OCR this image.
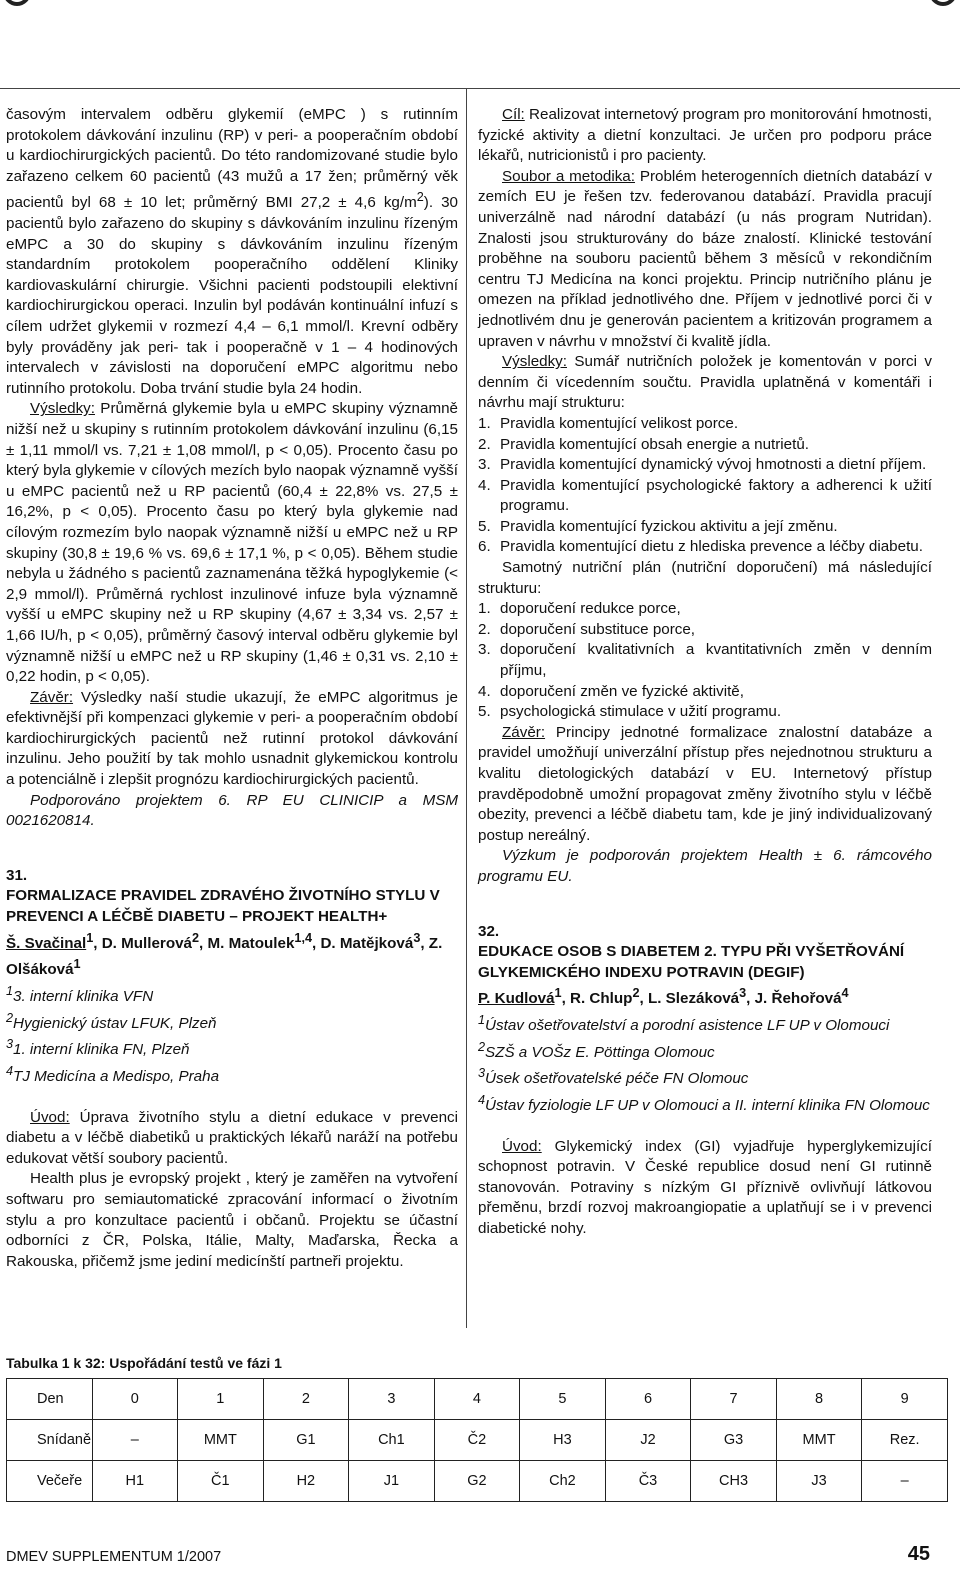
časovým intervalem odběru glykemií (eMPC ) s rutinním protokolem dávkování inzulinu (RP) v peri- a pooperačním období u kardiochirurgických pacientů. Do této randomizované studie bylo zařazeno celkem 60 pacientů (43 mužů a 17 žen; průměrný věk pacientů byl 68 ± 10 let; průměrný BMI 27,2 ± 4,6 $kg/m^2$). 30 pacientů bylo zařazeno do skupiny s dávkováním inzulinu řízeným eMPC a 30 do skupiny s dávkováním inzulinu řízeným standardním protokolem pooperačního oddělení Kliniky kardiovaskulární chirurgie. Všichni pacienti podstoupili elektivní kardiochirurgickou operaci. Inzulin byl podáván kontinuální infuzí s cílem udržet glykemii v rozmezí 4,4 – 6,1 mmol/l. Krevní odběry byly prováděny jak peri- tak i pooperačně v 1 – 4 hodinových intervalech v závislosti na doporučení eMPC algoritmu nebo rutinního protokolu. Doba trvání studie byla 24 hodin.

Výsledky: Průměrná glykemie byla u eMPC skupiny významně nižší než u skupiny s rutinním protokolem dávkování inzulinu (6,15 ± 1,11 mmol/l vs. 7,21 ± 1,08 mmol/l, p < 0,05). Procento času po který byla glykemie v cílových mezích bylo naopak významně vyšší u eMPC pacientů než u RP pacientů (60,4 ± 22,8% vs. 27,5 ± 16,2%, p < 0,05). Procento času po který byla glykemie nad cílovým rozmezím bylo naopak významně nižší u eMPC než u RP skupiny (30,8 ± 19,6 % vs. 69,6 ± 17,1 %, p < 0,05). Během studie nebyla u žádného s pacientů zaznamenána těžká hypoglykemie (< 2,9 mmol/l). Průměrná rychlost inzulinové infuze byla významně vyšší u eMPC skupiny než u RP skupiny (4,67 ± 3,34 vs. 2,57 ± 1,66 IU/h, p < 0,05), průměrný časový interval odběru glykemie byl významně nižší u eMPC než u RP skupiny (1,46 ± 0,31 vs. 2,10 ± 0,22 hodin, p < 0,05).

Závěr: Výsledky naší studie ukazují, že eMPC algoritmus je efektivnější při kompenzaci glykemie v peri- a pooperačním období kardiochirurgických pacientů než rutinní protokol dávkování inzulinu. Jeho použití by tak mohlo usnadnit glykemickou kontrolu a potenciálně i zlepšit prognózu kardiochirurgických pacientů.

Podporováno projektem 6. RP EU CLINICIP a MSM 0021620814.

31.

FORMALIZACE PRAVIDEL ZDRAVÉHO ŽIVOTNÍHO STYLU V PREVENCI A LÉČBĚ DIABETU – PROJEKT HEALTH+

Š. Svačinal$^1$, D. Mullerová$^2$, M. Matoulek$^{1,4}$, D. Matějková$^3$, Z. Olšáková$^1$

$^1$3. interní klinika VFN

$^2$Hygienický ústav LFUK, Plzeň

$^3$1. interní klinika FN, Plzeň

$^4$TJ Medicína a Medispo, Praha

Úvod: Úprava životního stylu a dietní edukace v prevenci diabetu a v léčbě diabetiků u praktických lékařů naráží na potřebu edukovat větší soubory pacientů.

Health plus je evropský projekt , který je zaměřen na vytvoření softwaru pro semiautomatické zpracování informací o životním stylu a pro konzultace pacientů i občanů. Projektu se účastní odborníci z ČR, Polska, Itálie, Malty, Maďarska, Řecka a Rakouska, přičemž jsme jediní medicínští partneři projektu.

Cíl: Realizovat internetový program pro monitorování hmotnosti, fyzické aktivity a dietní konzultaci. Je určen pro podporu práce lékařů, nutricionistů i pro pacienty.

Soubor a metodika: Problém heterogenních dietních databází v zemích EU je řešen tzv. federovanou databází. Pravidla pracují univerzálně nad národní databází (u nás program Nutridan). Znalosti jsou strukturovány do báze znalostí. Klinické testování proběhne na souboru pacientů během 3 měsíců v rekondičním centru TJ Medicína na konci projektu. Princip nutričního plánu je omezen na příklad jednotlivého dne. Příjem v jednotlivé porci či v jednotlivém dnu je generován pacientem a kritizován programem a upraven v návrhu v množství či kvalitě jídla.

Výsledky: Sumář nutričních položek je komentován v porci v denním či vícedenním součtu. Pravidla uplatněná v komentáři i návrhu mají strukturu:

1. Pravidla komentující velikost porce.
2. Pravidla komentující obsah energie a nutrietů.
3. Pravidla komentující dynamický vývoj hmotnosti a dietní příjem.
4. Pravidla komentující psychologické faktory a adherenci k užití programu.
5. Pravidla komentující fyzickou aktivitu a její změnu.
6. Pravidla komentující dietu z hlediska prevence a léčby diabetu.

Samotný nutriční plán (nutriční doporučení) má následující strukturu:

1. doporučení redukce porce,
2. doporučení substituce porce,
3. doporučení kvalitativních a kvantitativních změn v denním příjmu,
4. doporučení změn ve fyzické aktivitě,
5. psychologická stimulace v užití programu.

Závěr: Principy jednotné formalizace znalostní databáze a pravidel umožňují univerzální přístup přes nejednotnou strukturu a kvalitu dietologických databází v EU. Internetový přístup pravděpodobně umožní propagovat změny životního stylu v léčbě obezity, prevenci a léčbě diabetu tam, kde je jiný individualizovaný postup nereálný.

Výzkum je podporován projektem Health ± 6. rámcového programu EU.

32.

EDUKACE OSOB S DIABETEM 2. TYPU PŘI VYŠETŘOVÁNÍ GLYKEMICKÉHO INDEXU POTRAVIN (DEGIF)

P. Kudlová$^1$, R. Chlup$^2$, L. Slezáková$^3$, J. Řehořová$^4$

$^1$Ústav ošetřovatelství a porodní asistence LF UP v Olomouci

$^2$SZŠ a VOŠz E. Pöttinga Olomouc

$^3$Úsek ošetřovatelské péče FN Olomouc

$^4$Ústav fyziologie LF UP v Olomouci a II. interní klinika FN Olomouc

Úvod: Glykemický index (GI) vyjadřuje hyperglykemizující schopnost potravin. V České republice dosud není GI rutinně stanovován. Potraviny s nízkým GI příznivě ovlivňují látkovou přeměnu, brzdí rozvoj makroangiopatie a uplatňují se i v prevenci diabetické nohy.

Tabulka 1 k 32: Uspořádání testů ve fázi 1
Den	0	1	2	3	4	5	6	7	8	9
Snídaně	–	MMT	G1	Ch1	Č2	H3	J2	G3	MMT	Rez.
Večeře	H1	Č1	H2	J1	G2	Ch2	Č3	CH3	J3	–
DMEV SUPPLEMENTUM 1/2007	45
